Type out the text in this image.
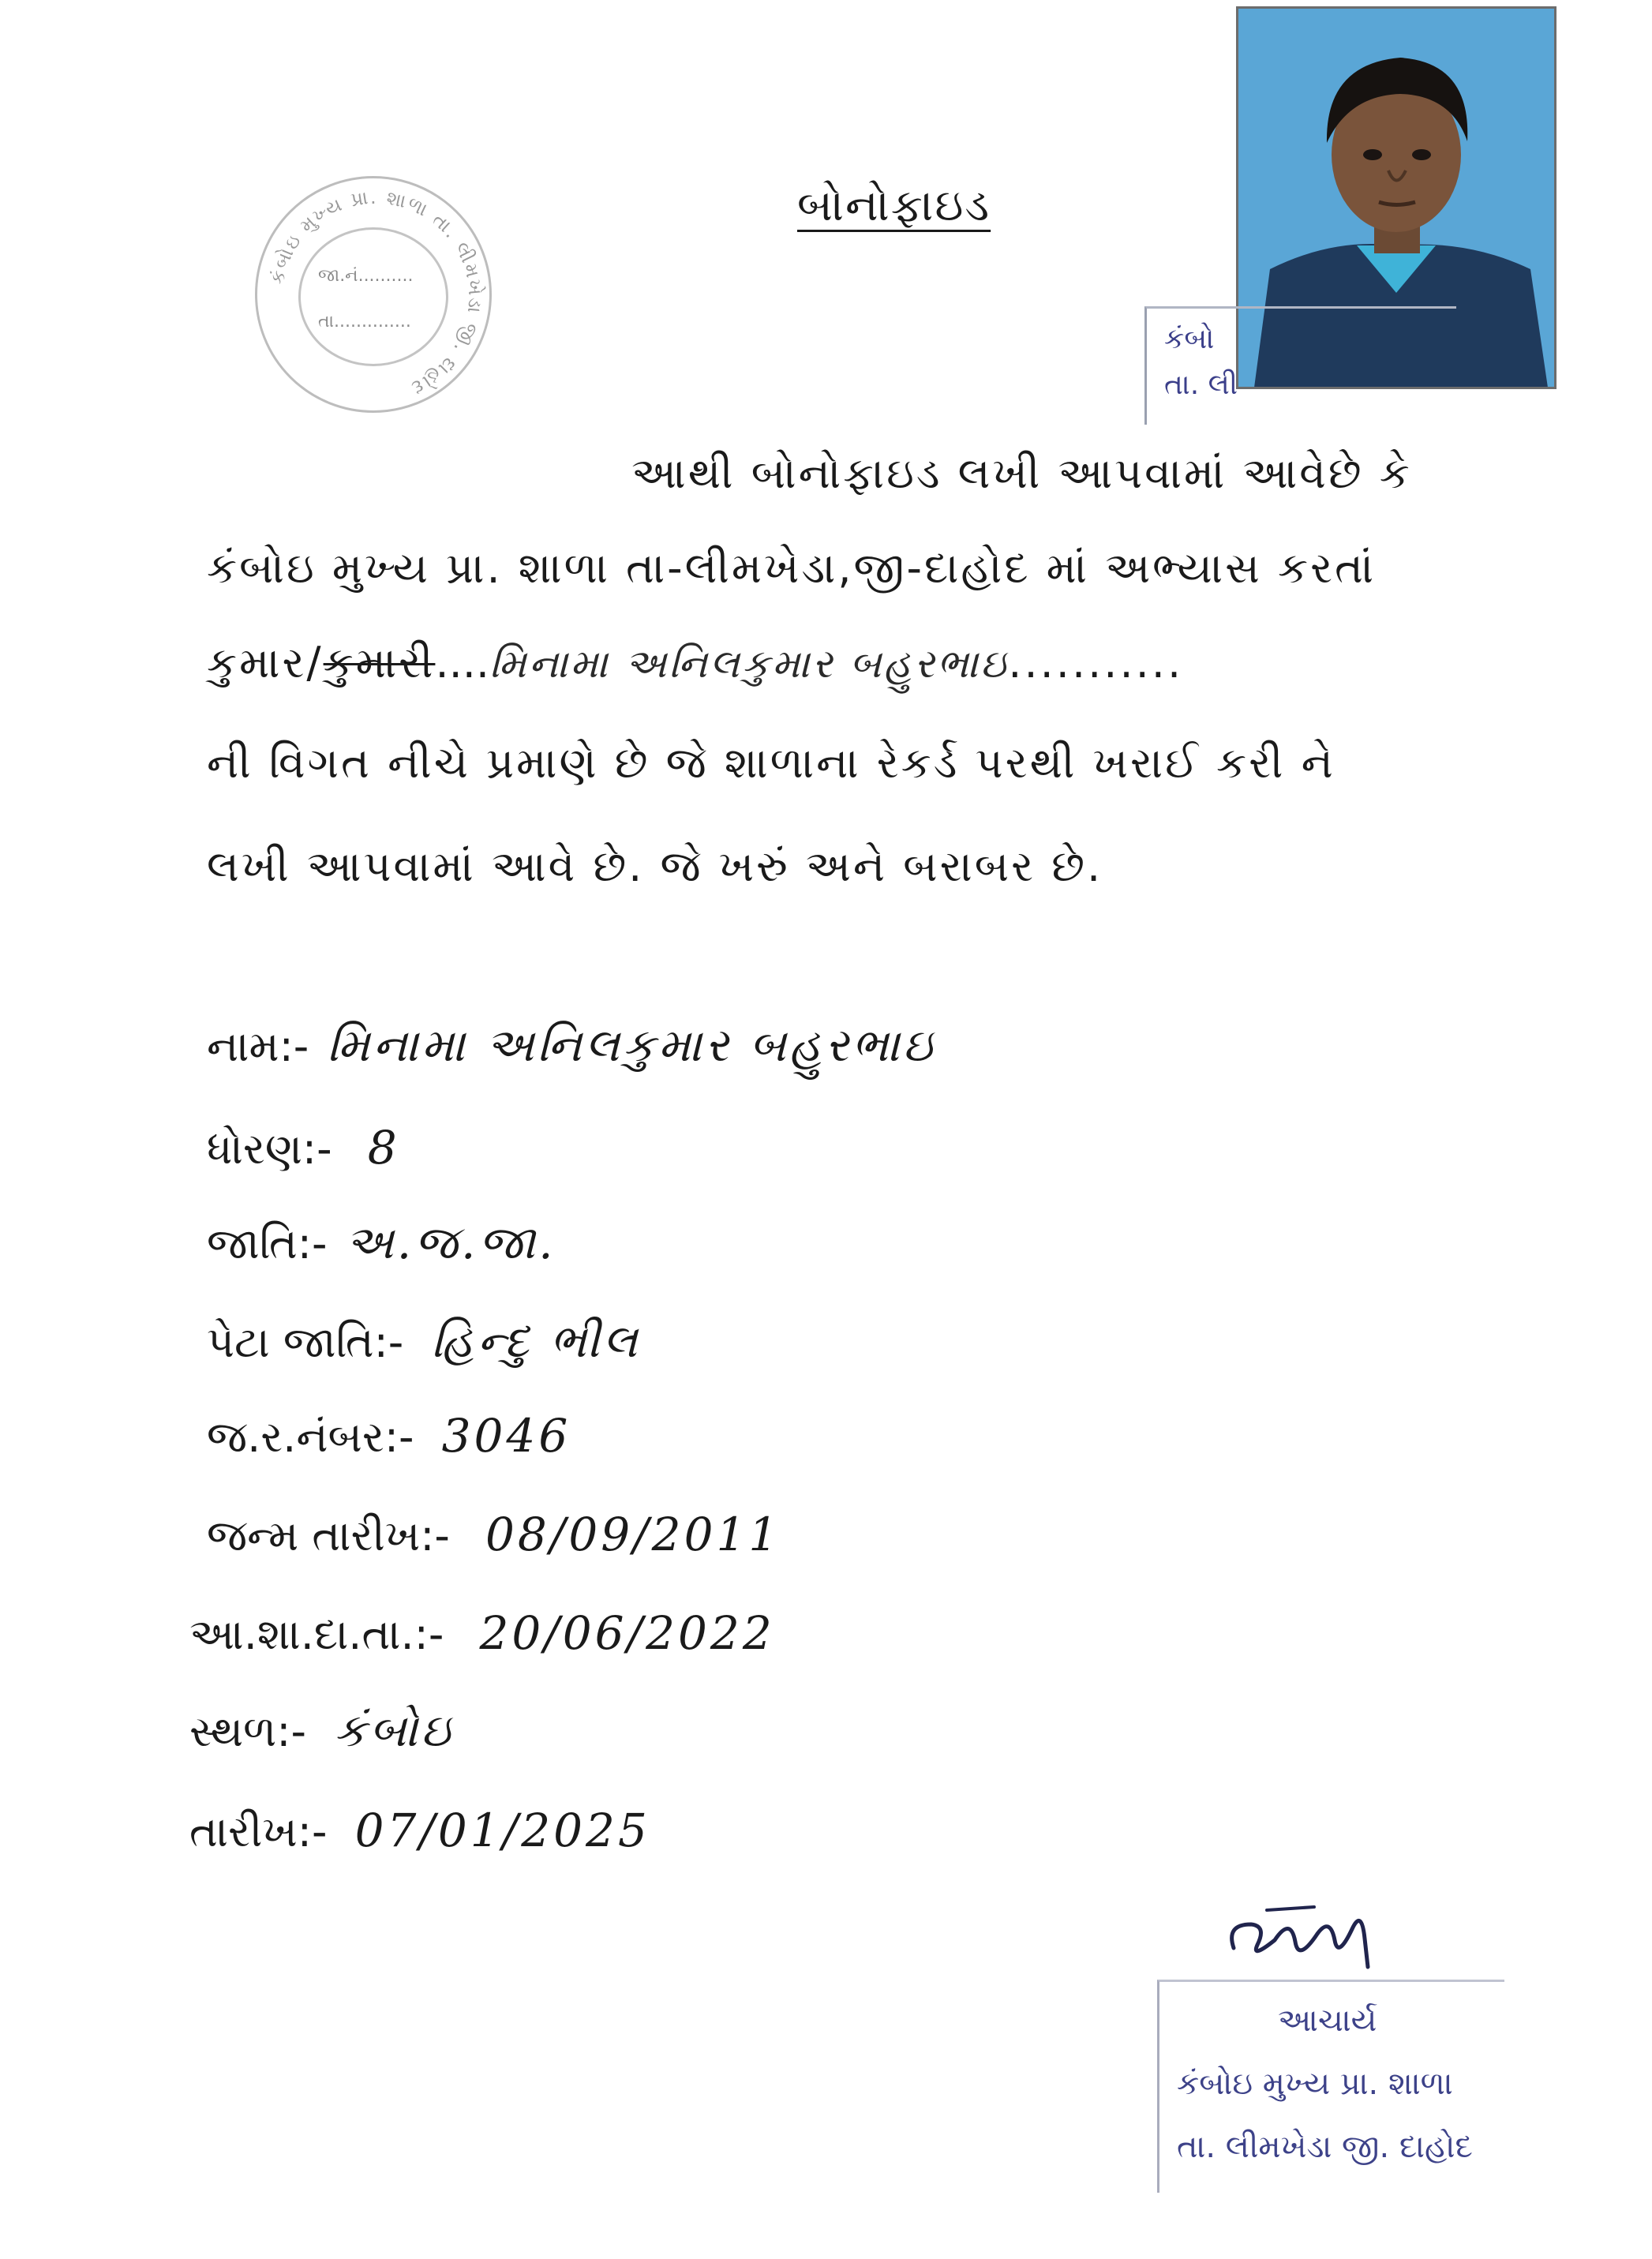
કંબોઇ મુખ્ય પ્રા. શાળા તા. લીમખેડા જી. દાહોદ
જા.નં..........
તા..............
કંબો
તા. લી
બોનોફાઇડ
આથી બોનોફાઇડ લખી આપવામાં આવેછે કે
કંબોઇ મુખ્ય પ્રા. શાળા તા-લીમખેડા,જી-દાહોદ માં અભ્યાસ કરતાં
કુમાર/કુમારી....મિનામા અનિલકુમાર બહુરભાઇ...........
ની વિગત નીચે પ્રમાણે છે જે શાળાના રેકર્ડ પરથી ખરાઈ કરી ને
લખી આપવામાં આવે છે. જે ખરું અને બરાબર છે.
નામ:- મિનામા અનિલકુમાર બહુરભાઇ
ધોરણ:- 8
જાતિ:- અ.જ.જા.
પેટા જાતિ:- હિન્દુ ભીલ
જ.ર.નંબર:- 3046
જન્મ તારીખ:- 08/09/2011
આ.શા.દા.તા.:- 20/06/2022
સ્થળ:- કંબોઇ
તારીખ:- 07/01/2025
આચાર્ય
કંબોઇ મુખ્ય પ્રા. શાળા
તા. લીમખેડા જી. દાહોદ
